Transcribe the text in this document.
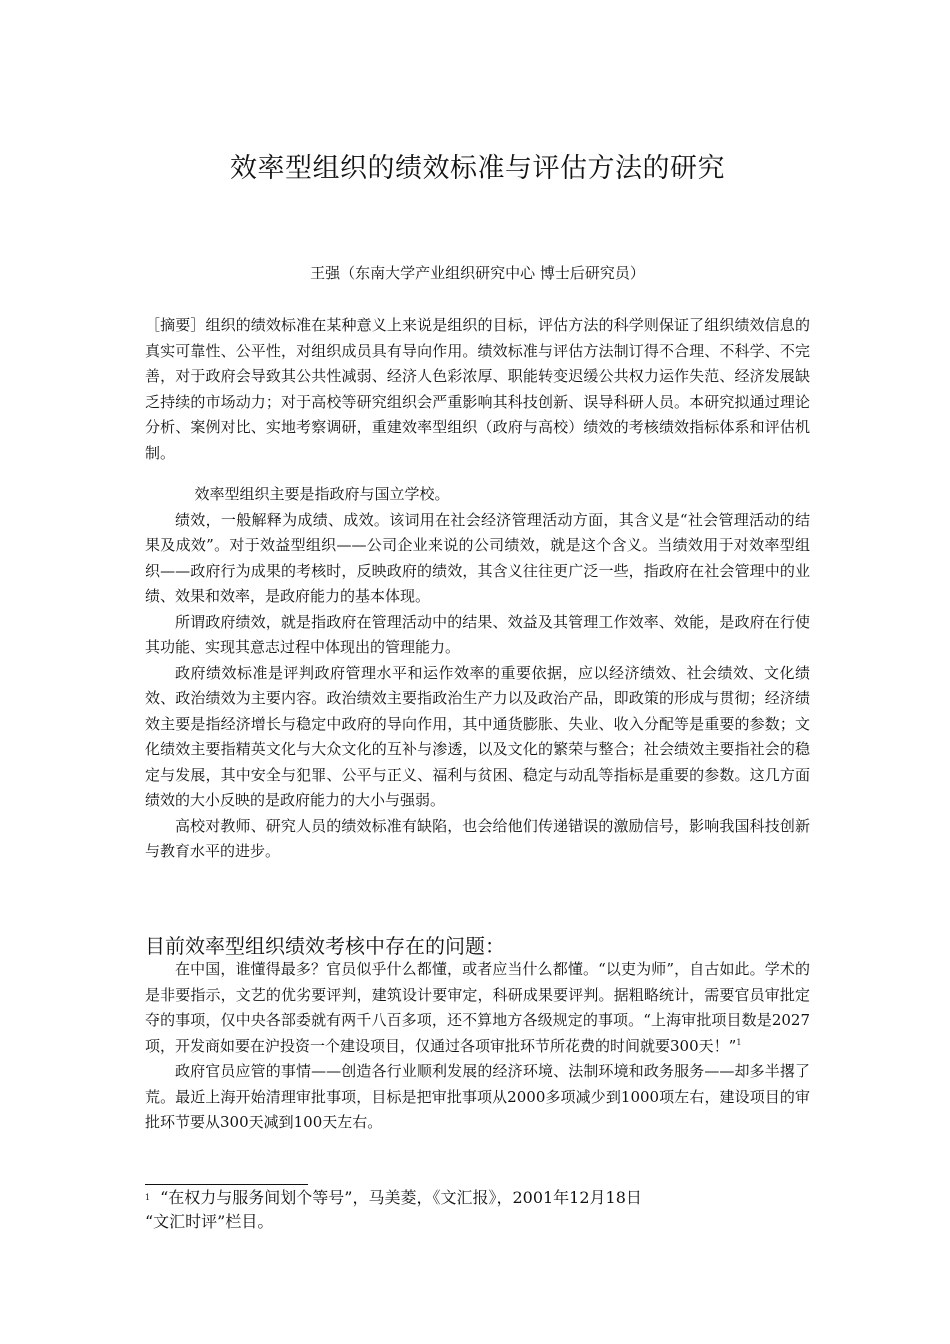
效率型组织的绩效标准与评估方法的研究

王强（东南大学产业组织研究中心 博士后研究员）

［摘要］组织的绩效标准在某种意义上来说是组织的目标，评估方法的科学则保证了组织绩效信息的真实可靠性、公平性，对组织成员具有导向作用。绩效标准与评估方法制订得不合理、不科学、不完善，对于政府会导致其公共性减弱、经济人色彩浓厚、职能转变迟缓公共权力运作失范、经济发展缺乏持续的市场动力；对于高校等研究组织会严重影响其科技创新、误导科研人员。本研究拟通过理论分析、案例对比、实地考察调研，重建效率型组织（政府与高校）绩效的考核绩效指标体系和评估机制。

效率型组织主要是指政府与国立学校。

绩效，一般解释为成绩、成效。该词用在社会经济管理活动方面，其含义是“社会管理活动的结果及成效”。对于效益型组织——公司企业来说的公司绩效，就是这个含义。当绩效用于对效率型组织——政府行为成果的考核时，反映政府的绩效，其含义往往更广泛一些，指政府在社会管理中的业绩、效果和效率，是政府能力的基本体现。

所谓政府绩效，就是指政府在管理活动中的结果、效益及其管理工作效率、效能，是政府在行使其功能、实现其意志过程中体现出的管理能力。

政府绩效标准是评判政府管理水平和运作效率的重要依据，应以经济绩效、社会绩效、文化绩效、政治绩效为主要内容。政治绩效主要指政治生产力以及政治产品，即政策的形成与贯彻；经济绩效主要是指经济增长与稳定中政府的导向作用，其中通货膨胀、失业、收入分配等是重要的参数；文化绩效主要指精英文化与大众文化的互补与渗透，以及文化的繁荣与整合；社会绩效主要指社会的稳定与发展，其中安全与犯罪、公平与正义、福利与贫困、稳定与动乱等指标是重要的参数。这几方面绩效的大小反映的是政府能力的大小与强弱。

高校对教师、研究人员的绩效标准有缺陷，也会给他们传递错误的激励信号，影响我国科技创新与教育水平的进步。

目前效率型组织绩效考核中存在的问题：

在中国，谁懂得最多？官员似乎什么都懂，或者应当什么都懂。“以吏为师”，自古如此。学术的是非要指示，文艺的优劣要评判，建筑设计要审定，科研成果要评判。据粗略统计，需要官员审批定夺的事项，仅中央各部委就有两千八百多项，还不算地方各级规定的事项。“上海审批项目数是2027项，开发商如要在沪投资一个建设项目，仅通过各项审批环节所花费的时间就要300天！”$^1$

政府官员应管的事情——创造各行业顺利发展的经济环境、法制环境和政务服务——却多半撂了荒。最近上海开始清理审批事项，目标是把审批事项从2000多项减少到1000项左右，建设项目的审批环节要从300天减到100天左右。

$^1$ “在权力与服务间划个等号”，马美菱，《文汇报》，2001年12月18日
“文汇时评”栏目。
